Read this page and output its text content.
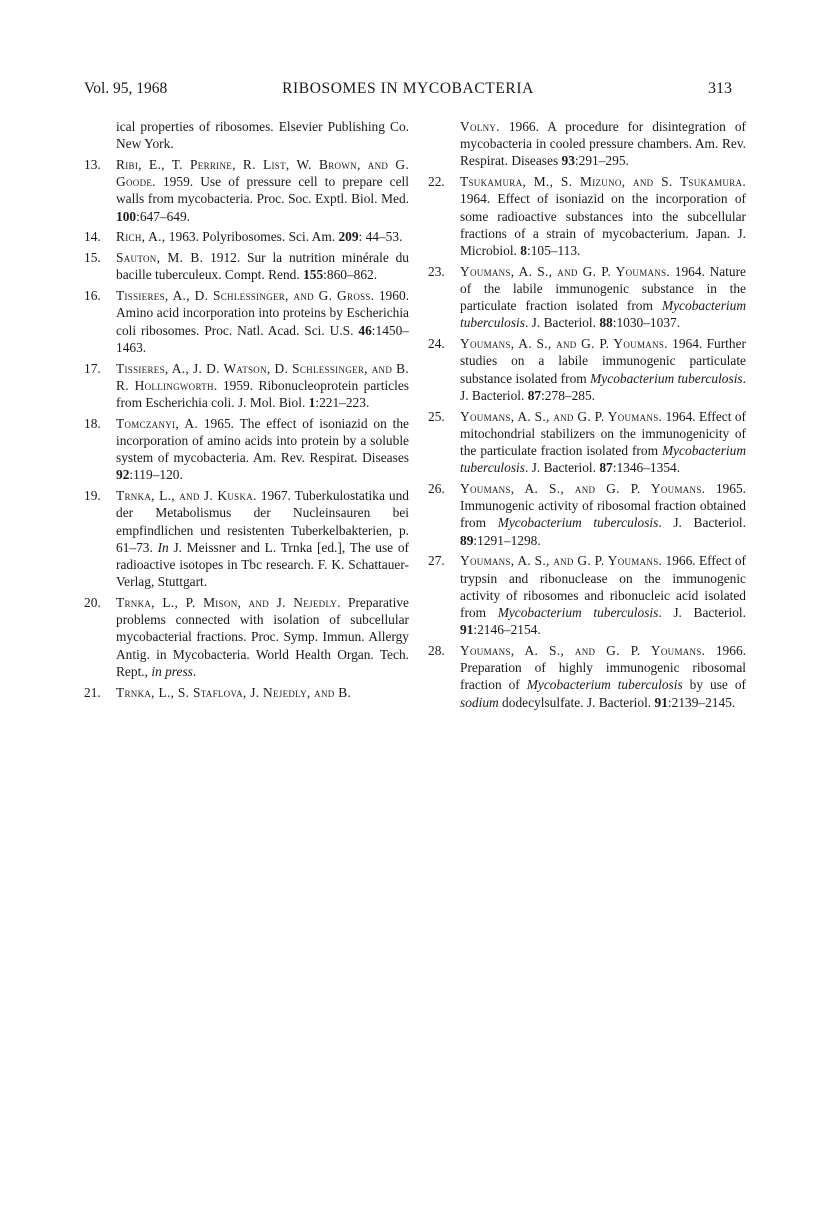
Vol. 95, 1968	RIBOSOMES IN MYCOBACTERIA	313

ical properties of ribosomes. Elsevier Publishing Co. New York.

13. Ribi, E., T. Perrine, R. List, W. Brown, and G. Goode. 1959. Use of pressure cell to prepare cell walls from mycobacteria. Proc. Soc. Exptl. Biol. Med. 100:647–649.

14. Rich, A., 1963. Polyribosomes. Sci. Am. 209: 44–53.

15. Sauton, M. B. 1912. Sur la nutrition minérale du bacille tuberculeux. Compt. Rend. 155:860–862.

16. Tissieres, A., D. Schlessinger, and G. Gross. 1960. Amino acid incorporation into proteins by Escherichia coli ribosomes. Proc. Natl. Acad. Sci. U.S. 46:1450–1463.

17. Tissieres, A., J. D. Watson, D. Schlessinger, and B. R. Hollingworth. 1959. Ribonucleoprotein particles from Escherichia coli. J. Mol. Biol. 1:221–223.

18. Tomczanyi, A. 1965. The effect of isoniazid on the incorporation of amino acids into protein by a soluble system of mycobacteria. Am. Rev. Respirat. Diseases 92:119–120.

19. Trnka, L., and J. Kuska. 1967. Tuberkulostatika und der Metabolismus der Nucleinsauren bei empfindlichen und resistenten Tuberkelbakterien, p. 61–73. In J. Meissner and L. Trnka [ed.], The use of radioactive isotopes in Tbc research. F. K. Schattauer-Verlag, Stuttgart.

20. Trnka, L., P. Mison, and J. Nejedly. Preparative problems connected with isolation of subcellular mycobacterial fractions. Proc. Symp. Immun. Allergy Antig. in Mycobacteria. World Health Organ. Tech. Rept., in press.

21. Trnka, L., S. Staflova, J. Nejedly, and B.

Volny. 1966. A procedure for disintegration of mycobacteria in cooled pressure chambers. Am. Rev. Respirat. Diseases 93:291–295.

22. Tsukamura, M., S. Mizuno, and S. Tsukamura. 1964. Effect of isoniazid on the incorporation of some radioactive substances into the subcellular fractions of a strain of mycobacterium. Japan. J. Microbiol. 8:105–113.

23. Youmans, A. S., and G. P. Youmans. 1964. Nature of the labile immunogenic substance in the particulate fraction isolated from Mycobacterium tuberculosis. J. Bacteriol. 88:1030–1037.

24. Youmans, A. S., and G. P. Youmans. 1964. Further studies on a labile immunogenic particulate substance isolated from Mycobacterium tuberculosis. J. Bacteriol. 87:278–285.

25. Youmans, A. S., and G. P. Youmans. 1964. Effect of mitochondrial stabilizers on the immunogenicity of the particulate fraction isolated from Mycobacterium tuberculosis. J. Bacteriol. 87:1346–1354.

26. Youmans, A. S., and G. P. Youmans. 1965. Immunogenic activity of ribosomal fraction obtained from Mycobacterium tuberculosis. J. Bacteriol. 89:1291–1298.

27. Youmans, A. S., and G. P. Youmans. 1966. Effect of trypsin and ribonuclease on the immunogenic activity of ribosomes and ribonucleic acid isolated from Mycobacterium tuberculosis. J. Bacteriol. 91:2146–2154.

28. Youmans, A. S., and G. P. Youmans. 1966. Preparation of highly immunogenic ribosomal fraction of Mycobacterium tuberculosis by use of sodium dodecylsulfate. J. Bacteriol. 91:2139–2145.
